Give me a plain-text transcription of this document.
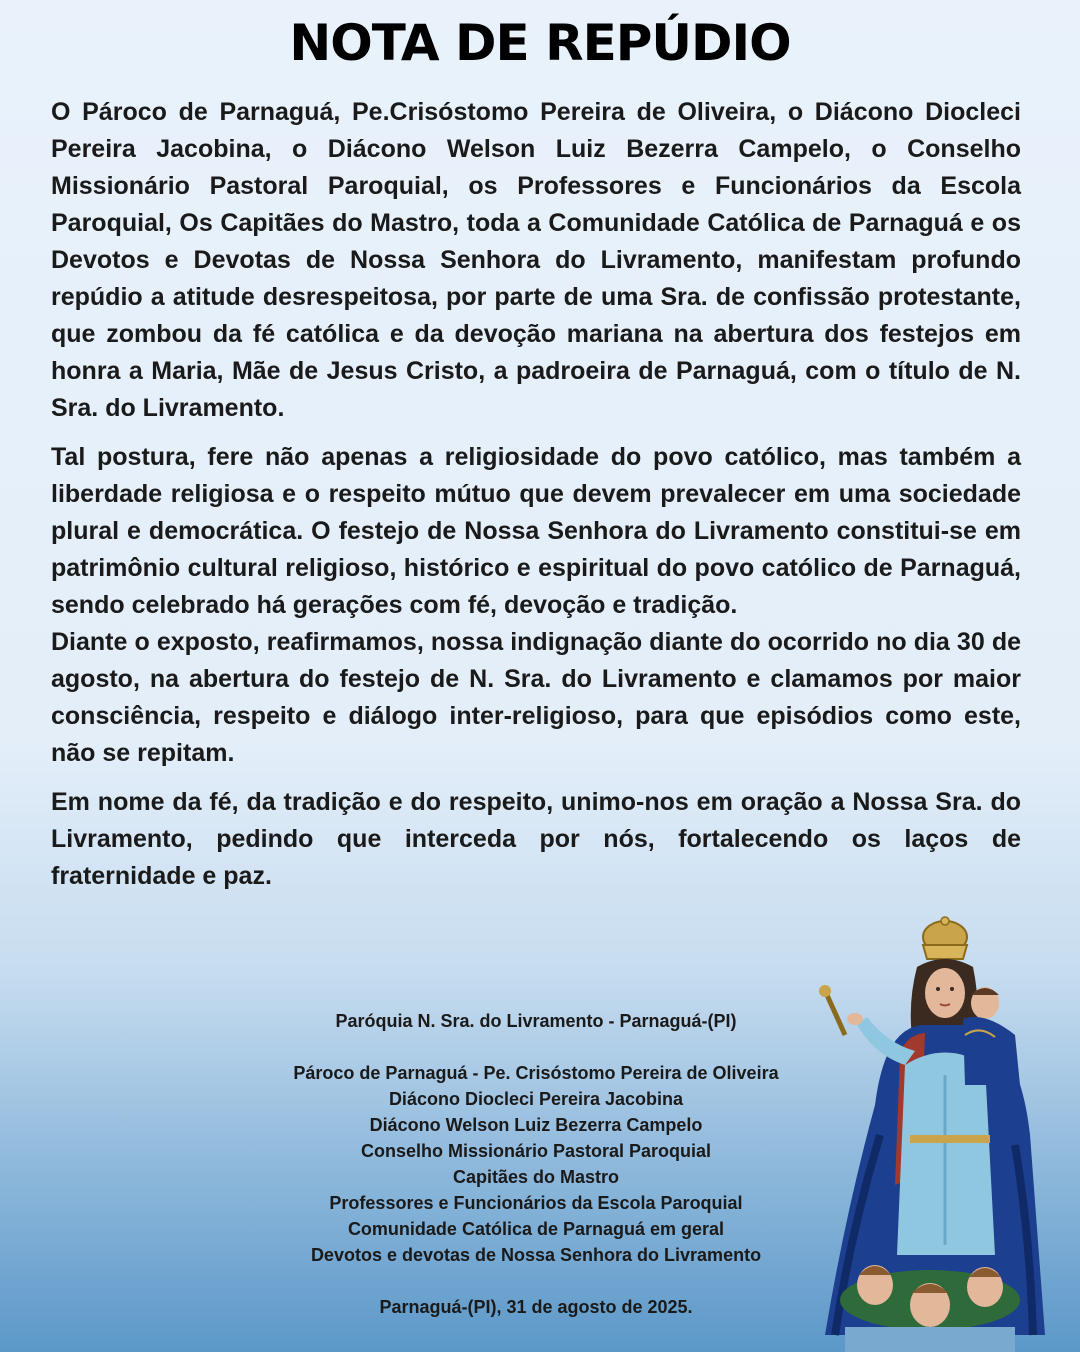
NOTA DE REPÚDIO

O Pároco de Parnaguá, Pe.Crisóstomo Pereira de Oliveira, o Diácono Diocleci Pereira Jacobina, o Diácono Welson Luiz Bezerra Campelo, o Conselho Missionário Pastoral Paroquial, os Professores e Funcionários da Escola Paroquial, Os Capitães do Mastro, toda a Comunidade Católica de Parnaguá e os Devotos e Devotas de Nossa Senhora do Livramento, manifestam profundo repúdio a atitude desrespeitosa, por parte de uma Sra. de confissão protestante, que zombou da fé católica e da devoção mariana na abertura dos festejos em honra a Maria, Mãe de Jesus Cristo, a padroeira de Parnaguá, com o título de N. Sra. do Livramento.

Tal postura, fere não apenas a religiosidade do povo católico, mas também a liberdade religiosa e o respeito mútuo que devem prevalecer em uma sociedade plural e democrática. O festejo de Nossa Senhora do Livramento constitui-se em patrimônio cultural religioso, histórico e espiritual do povo católico de Parnaguá, sendo celebrado há gerações com fé, devoção e tradição.

Diante o exposto, reafirmamos, nossa indignação diante do ocorrido no dia 30 de agosto, na abertura do festejo de N. Sra. do Livramento e clamamos por maior consciência, respeito e diálogo inter-religioso, para que episódios como este, não se repitam.

Em nome da fé, da tradição e do respeito, unimo-nos em oração a Nossa Sra. do Livramento, pedindo que interceda por nós, fortalecendo os laços de fraternidade e paz.

Paróquia N. Sra. do Livramento - Parnaguá-(PI)
Pároco de Parnaguá - Pe. Crisóstomo Pereira de Oliveira
Diácono Diocleci Pereira Jacobina
Diácono Welson Luiz Bezerra Campelo
Conselho Missionário Pastoral Paroquial
Capitães do Mastro
Professores e Funcionários da Escola Paroquial
Comunidade Católica de Parnaguá em geral
Devotos e devotas de Nossa Senhora do Livramento
Parnaguá-(PI), 31 de agosto de 2025.
